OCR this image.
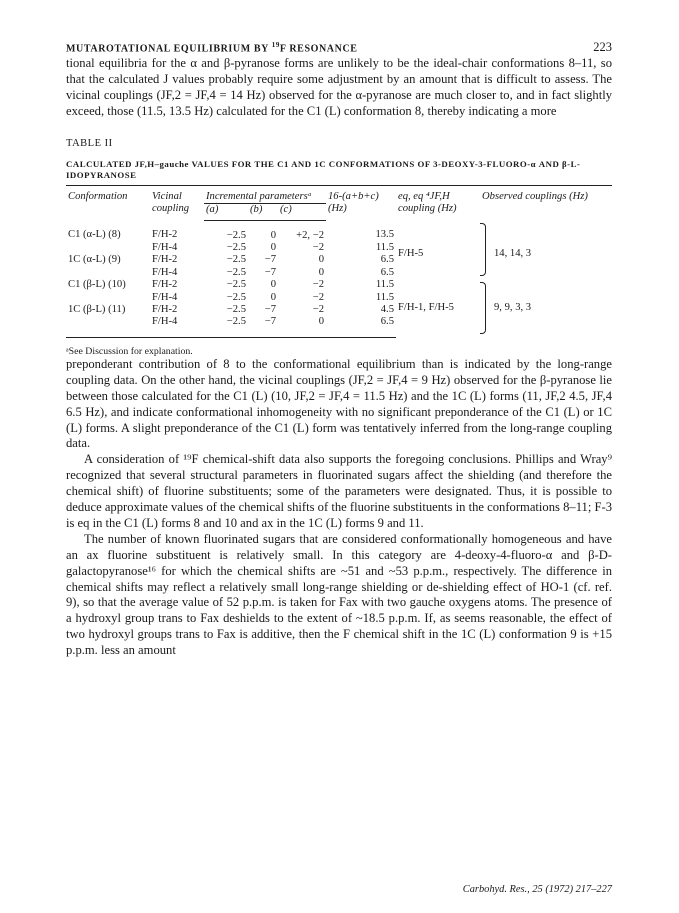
MUTAROTATIONAL EQUILIBRIUM BY $^{19}$F RESONANCE	223

tional equilibria for the α and β-pyranose forms are unlikely to be the ideal-chair conformations 8–11, so that the calculated J values probably require some adjustment by an amount that is difficult to assess. The vicinal couplings (JF,2 = JF,4 = 14 Hz) observed for the α-pyranose are much closer to, and in fact slightly exceed, those (11.5, 13.5 Hz) calculated for the C1 (L) conformation 8, thereby indicating a more

TABLE II
CALCULATED JF,H–gauche VALUES FOR THE C1 AND 1C CONFORMATIONS OF 3-DEOXY-3-FLUORO-α AND β-L-IDOPYRANOSE
Conformation	Vicinal coupling	Incremental parametersᵃ			16-(a+b+c) (Hz)	eq, eq ⁴JF,H coupling (Hz)	Observed couplings (Hz)
		(a)	(b)	(c)			
C1 (α-L) (8)	F/H-2	−2.5	0	+2, −2	13.5	F/H-5	14, 14, 3
	F/H-4	−2.5	0	−2	11.5		
1C (α-L) (9)	F/H-2	−2.5	−7	0	6.5		
	F/H-4	−2.5	−7	0	6.5		
C1 (β-L) (10)	F/H-2	−2.5	0	−2	11.5	F/H-1, F/H-5	9, 9, 3, 3
	F/H-4	−2.5	0	−2	11.5		
1C (β-L) (11)	F/H-2	−2.5	−7	−2	4.5		
	F/H-4	−2.5	−7	0	6.5		
ᵃSee Discussion for explanation.

preponderant contribution of 8 to the conformational equilibrium than is indicated by the long-range coupling data. On the other hand, the vicinal couplings (JF,2 = JF,4 = 9 Hz) observed for the β-pyranose lie between those calculated for the C1 (L) (10, JF,2 = JF,4 = 11.5 Hz) and the 1C (L) forms (11, JF,2 4.5, JF,4 6.5 Hz), and indicate conformational inhomogeneity with no significant preponderance of the C1 (L) or 1C (L) forms. A slight preponderance of the C1 (L) form was tentatively inferred from the long-range coupling data.

A consideration of ¹⁹F chemical-shift data also supports the foregoing conclusions. Phillips and Wray⁹ recognized that several structural parameters in fluorinated sugars affect the shielding (and therefore the chemical shift) of fluorine substituents; some of the parameters were designated. Thus, it is possible to deduce approximate values of the chemical shifts of the fluorine substituents in the conformations 8–11; F-3 is eq in the C1 (L) forms 8 and 10 and ax in the 1C (L) forms 9 and 11.

The number of known fluorinated sugars that are considered conformationally homogeneous and have an ax fluorine substituent is relatively small. In this category are 4-deoxy-4-fluoro-α and β-D-galactopyranose¹⁶ for which the chemical shifts are ~51 and ~53 p.p.m., respectively. The difference in chemical shifts may reflect a relatively small long-range shielding or de-shielding effect of HO-1 (cf. ref. 9), so that the average value of 52 p.p.m. is taken for Fax with two gauche oxygens atoms. The presence of a hydroxyl group trans to Fax deshields to the extent of ~18.5 p.p.m. If, as seems reasonable, the effect of two hydroxyl groups trans to Fax is additive, then the F chemical shift in the 1C (L) conformation 9 is +15 p.p.m. less an amount

Carbohyd. Res., 25 (1972) 217–227
